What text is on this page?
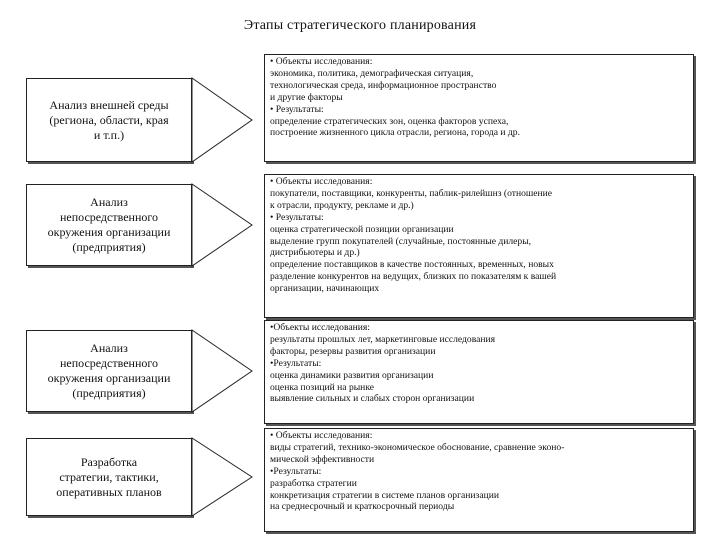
Этапы стратегического планирования
Анализ внешней среды
(региона, области, края
и т.п.)
• Объекты исследования:
экономика, политика, демографическая ситуация,
технологическая среда, информационное пространство
и другие факторы
• Результаты:
определение стратегических зон, оценка факторов успеха,
построение жизненного цикла отрасли, региона, города и др.
Анализ
непосредственного
окружения организации
(предприятия)
• Объекты исследования:
покупатели, поставщики, конкуренты, паблик-рилейшнз (отношение
к отрасли, продукту, рекламе и др.)
• Результаты:
оценка стратегической позиции организации
выделение групп покупателей (случайные, постоянные дилеры,
дистрибьютеры и др.)
определение поставщиков в качестве постоянных, временных, новых
разделение конкурентов на ведущих, близких по показателям к вашей
организации, начинающих
Анализ
непосредственного
окружения организации
(предприятия)
•Объекты исследования:
результаты прошлых лет, маркетинговые исследования
факторы, резервы развития организации
•Результаты:
оценка динамики развития организации
оценка позиций на рынке
выявление сильных и слабых сторон организации
Разработка
стратегии, тактики,
оперативных планов
• Объекты исследования:
виды стратегий, технико-экономическое обоснование, сравнение эконо-
мической эффективности
•Результаты:
разработка стратегии
конкретизация стратегии в системе планов организации
на среднесрочный и краткосрочный периоды
